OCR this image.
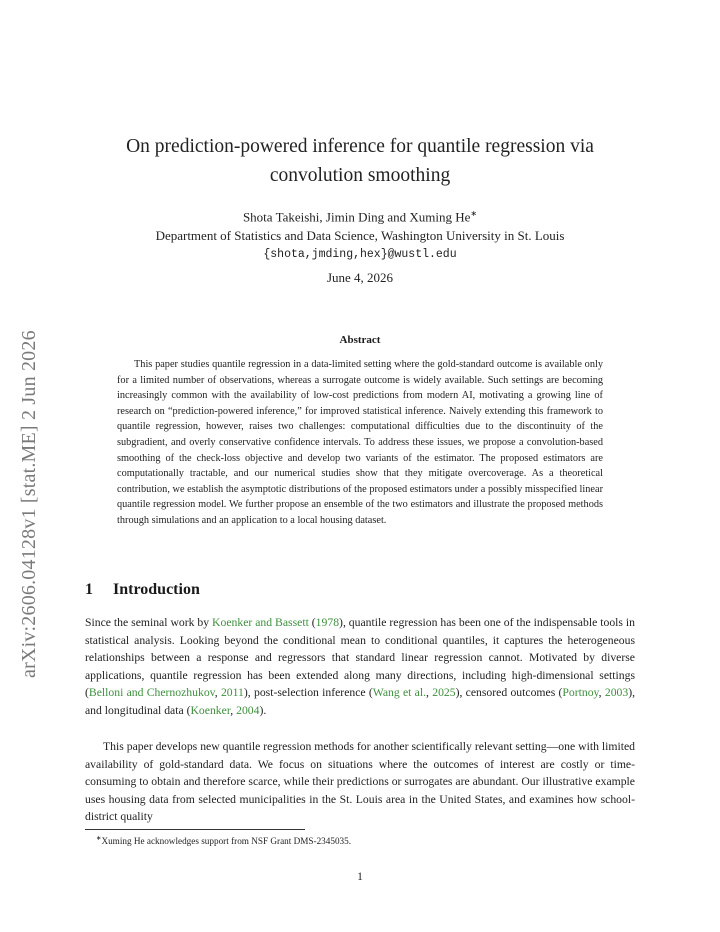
arXiv:2606.04128v1 [stat.ME] 2 Jun 2026
On prediction-powered inference for quantile regression via
convolution smoothing
Shota Takeishi, Jimin Ding and Xuming He∗
Department of Statistics and Data Science, Washington University in St. Louis
{shota,jmding,hex}@wustl.edu
June 4, 2026
Abstract

This paper studies quantile regression in a data-limited setting where the gold-standard outcome is available only for a limited number of observations, whereas a surrogate outcome is widely available. Such settings are becoming increasingly common with the availability of low-cost predictions from modern AI, motivating a growing line of research on “prediction-powered inference,” for improved statistical inference. Naively extending this framework to quantile regression, however, raises two challenges: computational difficulties due to the discontinuity of the subgradient, and overly conservative confidence intervals. To address these issues, we propose a convolution-based smoothing of the check-loss objective and develop two variants of the estimator. The proposed estimators are computationally tractable, and our numerical studies show that they mitigate overcoverage. As a theoretical contribution, we establish the asymptotic distributions of the proposed estimators under a possibly misspecified linear quantile regression model. We further propose an ensemble of the two estimators and illustrate the proposed methods through simulations and an application to a local housing dataset.

1 Introduction

Since the seminal work by Koenker and Bassett (1978), quantile regression has been one of the indispensable tools in statistical analysis. Looking beyond the conditional mean to conditional quantiles, it captures the heterogeneous relationships between a response and regressors that standard linear regression cannot. Motivated by diverse applications, quantile regression has been extended along many directions, including high-dimensional settings (Belloni and Chernozhukov, 2011), post-selection inference (Wang et al., 2025), censored outcomes (Portnoy, 2003), and longitudinal data (Koenker, 2004).

This paper develops new quantile regression methods for another scientifically relevant setting—one with limited availability of gold-standard data. We focus on situations where the outcomes of interest are costly or time-consuming to obtain and therefore scarce, while their predictions or surrogates are abundant. Our illustrative example uses housing data from selected municipalities in the St. Louis area in the United States, and examines how school-district quality

∗Xuming He acknowledges support from NSF Grant DMS-2345035.
1
